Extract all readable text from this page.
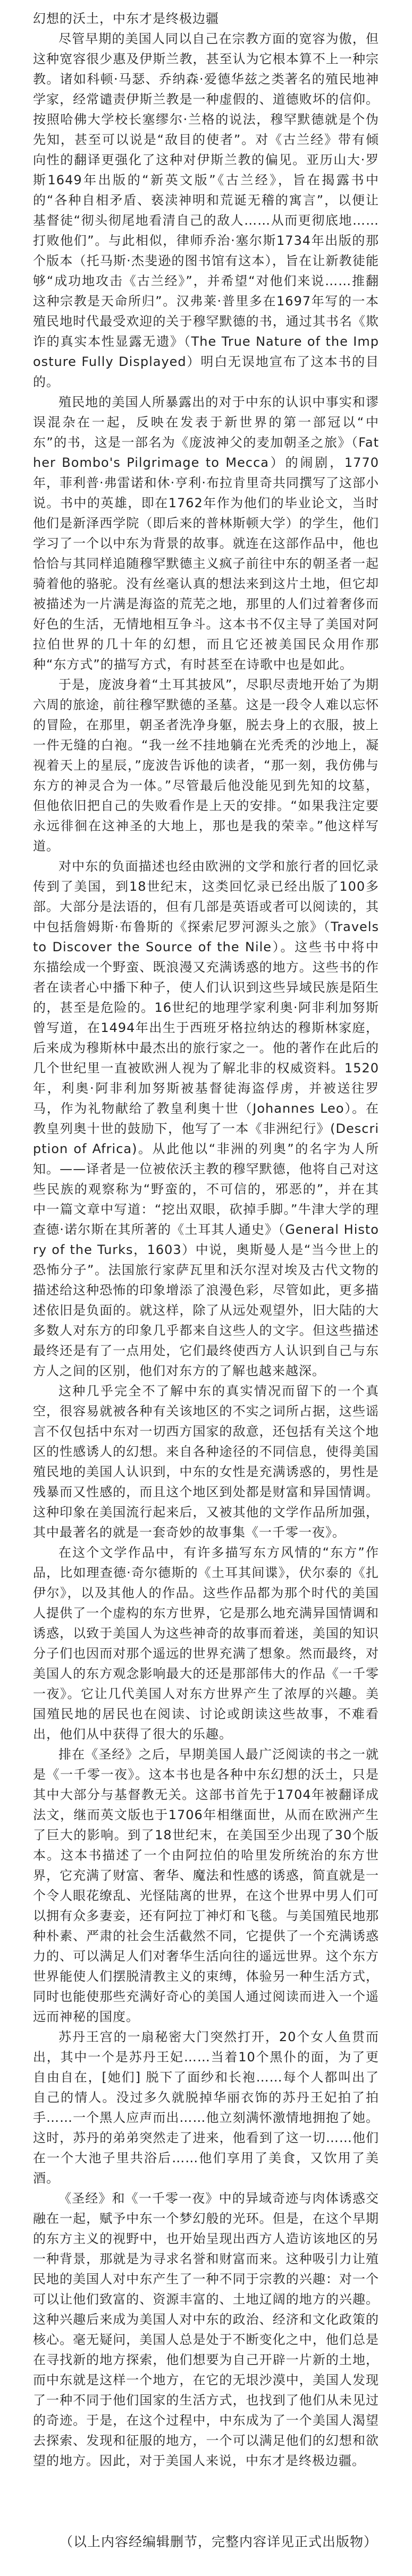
幻想的沃土，中东才是终极边疆

尽管早期的美国人同以自己在宗教方面的宽容为傲，但这种宽容很少惠及伊斯兰教，甚至认为它根本算不上一种宗教。诸如科顿·马瑟、乔纳森·爱德华兹之类著名的殖民地神学家，经常谴责伊斯兰教是一种虚假的、道德败坏的信仰。按照哈佛大学校长塞缪尔·兰格的说法，穆罕默德就是个伪先知，甚至可以说是“敌目的使者”。对《古兰经》带有倾向性的翻译更强化了这种对伊斯兰教的偏见。亚历山大·罗斯1649年出版的“新英文版”《古兰经》，旨在揭露书中的“各种自相矛盾、亵渎神明和荒诞无稽的寓言”，以便让基督徒“彻头彻尾地看清自己的敌人……从而更彻底地……打败他们”。与此相似，律师乔治·塞尔斯1734年出版的那个版本（托马斯·杰斐逊的图书馆有这本），旨在让新教徒能够“成功地攻击《古兰经》”，并希望“对他们来说……推翻这种宗教是天命所归”。汉弗莱·普里多在1697年写的一本殖民地时代最受欢迎的关于穆罕默德的书，通过其书名《欺诈的真实本性显露无遗》（The True Nature of the Imposture Fully Displayed）明白无误地宣布了这本书的目的。

殖民地的美国人所暴露出的对于中东的认识中事实和谬误混杂在一起，反映在发表于新世界的第一部冠以“中东”的书，这是一部名为《庞波神父的麦加朝圣之旅》（Father Bombo's Pilgrimage to Mecca）的闹剧，1770年，菲利普·弗雷诺和休·亨利·布拉肯里奇共同撰写了这部小说。书中的英雄，即在1762年作为他们的毕业论文，当时他们是新泽西学院（即后来的普林斯顿大学）的学生，他们学习了一个以中东为背景的故事。就连在这部作品中，他也恰恰与其同样追随穆罕默德主义疯子前往中东的朝圣者一起骑着他的骆驼。没有丝毫认真的想法来到这片土地，但它却被描述为一片满是海盗的荒芜之地，那里的人们过着奢侈而好色的生活，无情地相互争斗。这本书不仅主导了美国对阿拉伯世界的几十年的幻想，而且它还被美国民众用作那种“东方式”的描写方式，有时甚至在诗歌中也是如此。

于是，庞波身着“土耳其披风”，尽职尽责地开始了为期六周的旅途，前往穆罕默德的圣墓。这是一段令人难以忘怀的冒险，在那里，朝圣者洗净身躯，脱去身上的衣服，披上一件无缝的白袍。“我一丝不挂地躺在光秃秃的沙地上，凝视着天上的星辰，”庞波告诉他的读者，“那一刻，我仿佛与东方的神灵合为一体。”尽管最后他没能见到先知的坟墓，但他依旧把自己的失败看作是上天的安排。“如果我注定要永远徘徊在这神圣的大地上，那也是我的荣幸。”他这样写道。

对中东的负面描述也经由欧洲的文学和旅行者的回忆录传到了美国，到18世纪末，这类回忆录已经出版了100多部。大部分是法语的，但有几部是英语或者可以阅读的，其中包括詹姆斯·布鲁斯的《探索尼罗河源头之旅》（Travels to Discover the Source of the Nile）。这些书中将中东描绘成一个野蛮、既浪漫又充满诱惑的地方。这些书的作者在读者心中播下种子，使人们认识到这些异域民族是陌生的，甚至是危险的。16世纪的地理学家利奥·阿非利加努斯曾写道，在1494年出生于西班牙格拉纳达的穆斯林家庭，后来成为穆斯林中最杰出的旅行家之一。他的著作在此后的几个世纪里一直被欧洲人视为了解北非的权威资料。1520年，利奥·阿非利加努斯被基督徒海盗俘虏，并被送往罗马，作为礼物献给了教皇利奥十世（Johannes Leo）。在教皇列奥十世的鼓励下，他写了一本《非洲纪行》(Description of Africa)。从此他以“非洲的列奥”的名字为人所知。——译者是一位被依沃主教的穆罕默德，他将自己对这些民族的观察称为“野蛮的，不可信的，邪恶的”，并在其中一篇文章中写道：“挖出双眼，砍掉手脚。”牛津大学的理查德·诺尔斯在其所著的《土耳其人通史》（General History of the Turks，1603）中说，奥斯曼人是“当今世上的恐怖分子”。法国旅行家萨瓦里和沃尔涅对埃及古代文物的描述给这种恐怖的印象增添了浪漫色彩，尽管如此，更多描述依旧是负面的。就这样，除了从远处观望外，旧大陆的大多数人对东方的印象几乎都来自这些人的文字。但这些描述最终还是有了一点用处，它们最终使西方人认识到自己与东方人之间的区别，他们对东方的了解也越来越深。

这种几乎完全不了解中东的真实情况而留下的一个真空，很容易就被各种有关该地区的不实之词所占据，这些谣言不仅包括中东对一切西方国家的敌意，还包括有关这个地区的性感诱人的幻想。来自各种途径的不同信息，使得美国殖民地的美国人认识到，中东的女性是充满诱惑的，男性是残暴而又性感的，而且这个地区到处都是财富和异国情调。这种印象在美国流行起来后，又被其他的文学作品所加强，其中最著名的就是一套奇妙的故事集《一千零一夜》。

在这个文学作品中，有许多描写东方风情的“东方”作品，比如理查德·奇尔德斯的《土耳其间谍》，伏尔泰的《扎伊尔》，以及其他人的作品。这些作品都为那个时代的美国人提供了一个虚构的东方世界，它是那么地充满异国情调和诱惑，以致于美国人为这些神奇的故事而着迷，美国的知识分子们也因而对那个遥远的世界充满了想象。然而最终，对美国人的东方观念影响最大的还是那部伟大的作品《一千零一夜》。它让几代美国人对东方世界产生了浓厚的兴趣。美国殖民地的居民也在阅读、讨论或朗读这些故事，不难看出，他们从中获得了很大的乐趣。

排在《圣经》之后，早期美国人最广泛阅读的书之一就是《一千零一夜》。这本书也是各种中东幻想的沃土，只是其中大部分与基督教无关。这部书首先于1704年被翻译成法文，继而英文版也于1706年相继面世，从而在欧洲产生了巨大的影响。到了18世纪末，在美国至少出现了30个版本。这本书描述了一个由阿拉伯的哈里发所统治的东方世界，它充满了财富、奢华、魔法和性感的诱惑，简直就是一个令人眼花缭乱、光怪陆离的世界，在这个世界中男人们可以拥有众多妻妾，还有阿拉丁神灯和飞毯。与美国殖民地那种朴素、严肃的社会生活截然不同，它提供了一个充满诱惑力的、可以满足人们对奢华生活向往的遥远世界。这个东方世界能使人们摆脱清教主义的束缚，体验另一种生活方式，同时也能使那些充满好奇心的美国人通过阅读而进入一个遥远而神秘的国度。

苏丹王宫的一扇秘密大门突然打开，20个女人鱼贯而出，其中一个是苏丹王妃……当着10个黑仆的面，为了更自由自在，[她们] 脱下了面纱和长袍……每个人都叫出了自己的情人。没过多久就脱掉华丽衣饰的苏丹王妃拍了拍手……一个黑人应声而出……他立刻满怀激情地拥抱了她。这时，苏丹的弟弟突然走了进来，他看到了这一切……他们在一个大池子里共浴后……他们享用了美食，又饮用了美酒。

《圣经》和《一千零一夜》中的异域奇迹与肉体诱惑交融在一起，赋予中东一个梦幻般的光环。但是，在这个早期的东方主义的视野中，也开始呈现出西方人造访该地区的另一种背景，那就是为寻求名誉和财富而来。这种吸引力让殖民地的美国人对中东产生了一种不同于宗教的兴趣：对一个可以让他们致富的、资源丰富的、土地辽阔的地方的兴趣。这种兴趣后来成为美国人对中东的政治、经济和文化政策的核心。毫无疑问，美国人总是处于不断变化之中，他们总是在寻找新的地方探索，他们想要为自己开辟一片新的土地，而中东就是这样一个地方，在它的无垠沙漠中，美国人发现了一种不同于他们国家的生活方式，也找到了他们从未见过的奇迹。于是，在这个过程中，中东成为了一个美国人渴望去探索、发现和征服的地方，一个可以满足他们的幻想和欲望的地方。因此，对于美国人来说，中东才是终极边疆。

（以上内容经编辑删节，完整内容详见正式出版物）
